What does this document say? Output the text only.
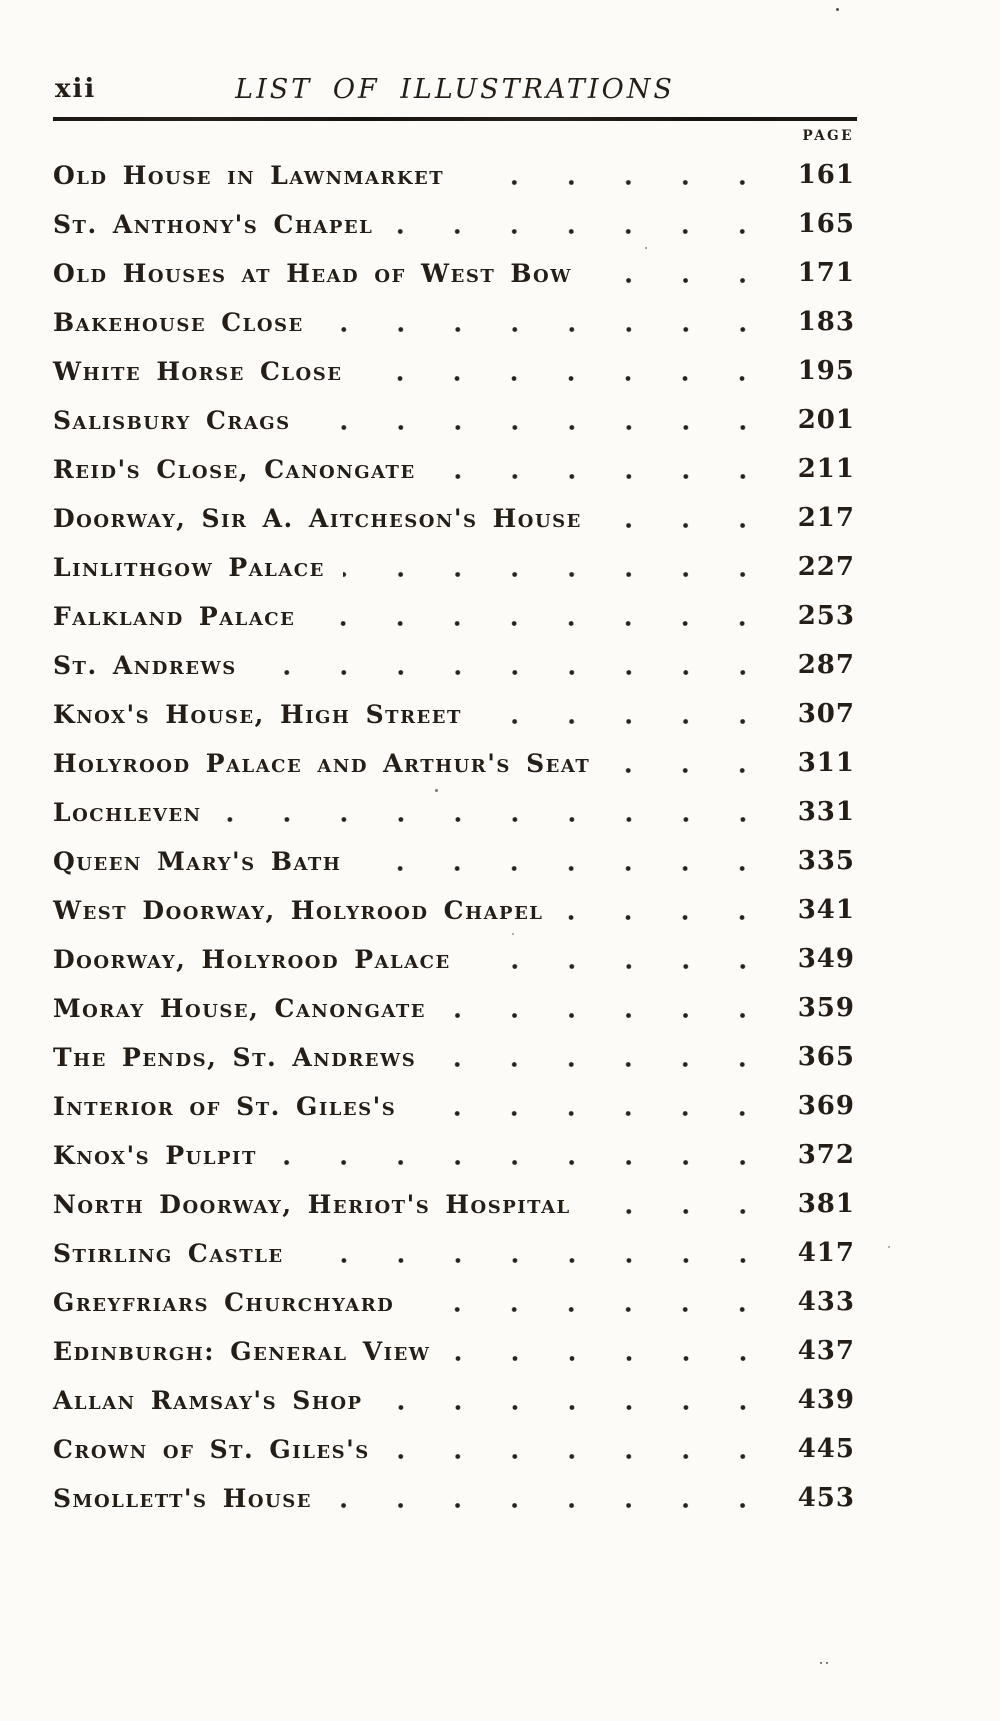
xii	LIST OF ILLUSTRATIONS
PAGE
Old House in Lawnmarket	161
St. Anthony's Chapel	165
Old Houses at Head of West Bow	171
Bakehouse Close	183
White Horse Close	195
Salisbury Crags	201
Reid's Close, Canongate	211
Doorway, Sir A. Aitcheson's House	217
Linlithgow Palace	227
Falkland Palace	253
St. Andrews	287
Knox's House, High Street	307
Holyrood Palace and Arthur's Seat	311
Lochleven	331
Queen Mary's Bath	335
West Doorway, Holyrood Chapel	341
Doorway, Holyrood Palace	349
Moray House, Canongate	359
The Pends, St. Andrews	365
Interior of St. Giles's	369
Knox's Pulpit	372
North Doorway, Heriot's Hospital	381
Stirling Castle	417
Greyfriars Churchyard	433
Edinburgh: General View	437
Allan Ramsay's Shop	439
Crown of St. Giles's	445
Smollett's House	453
